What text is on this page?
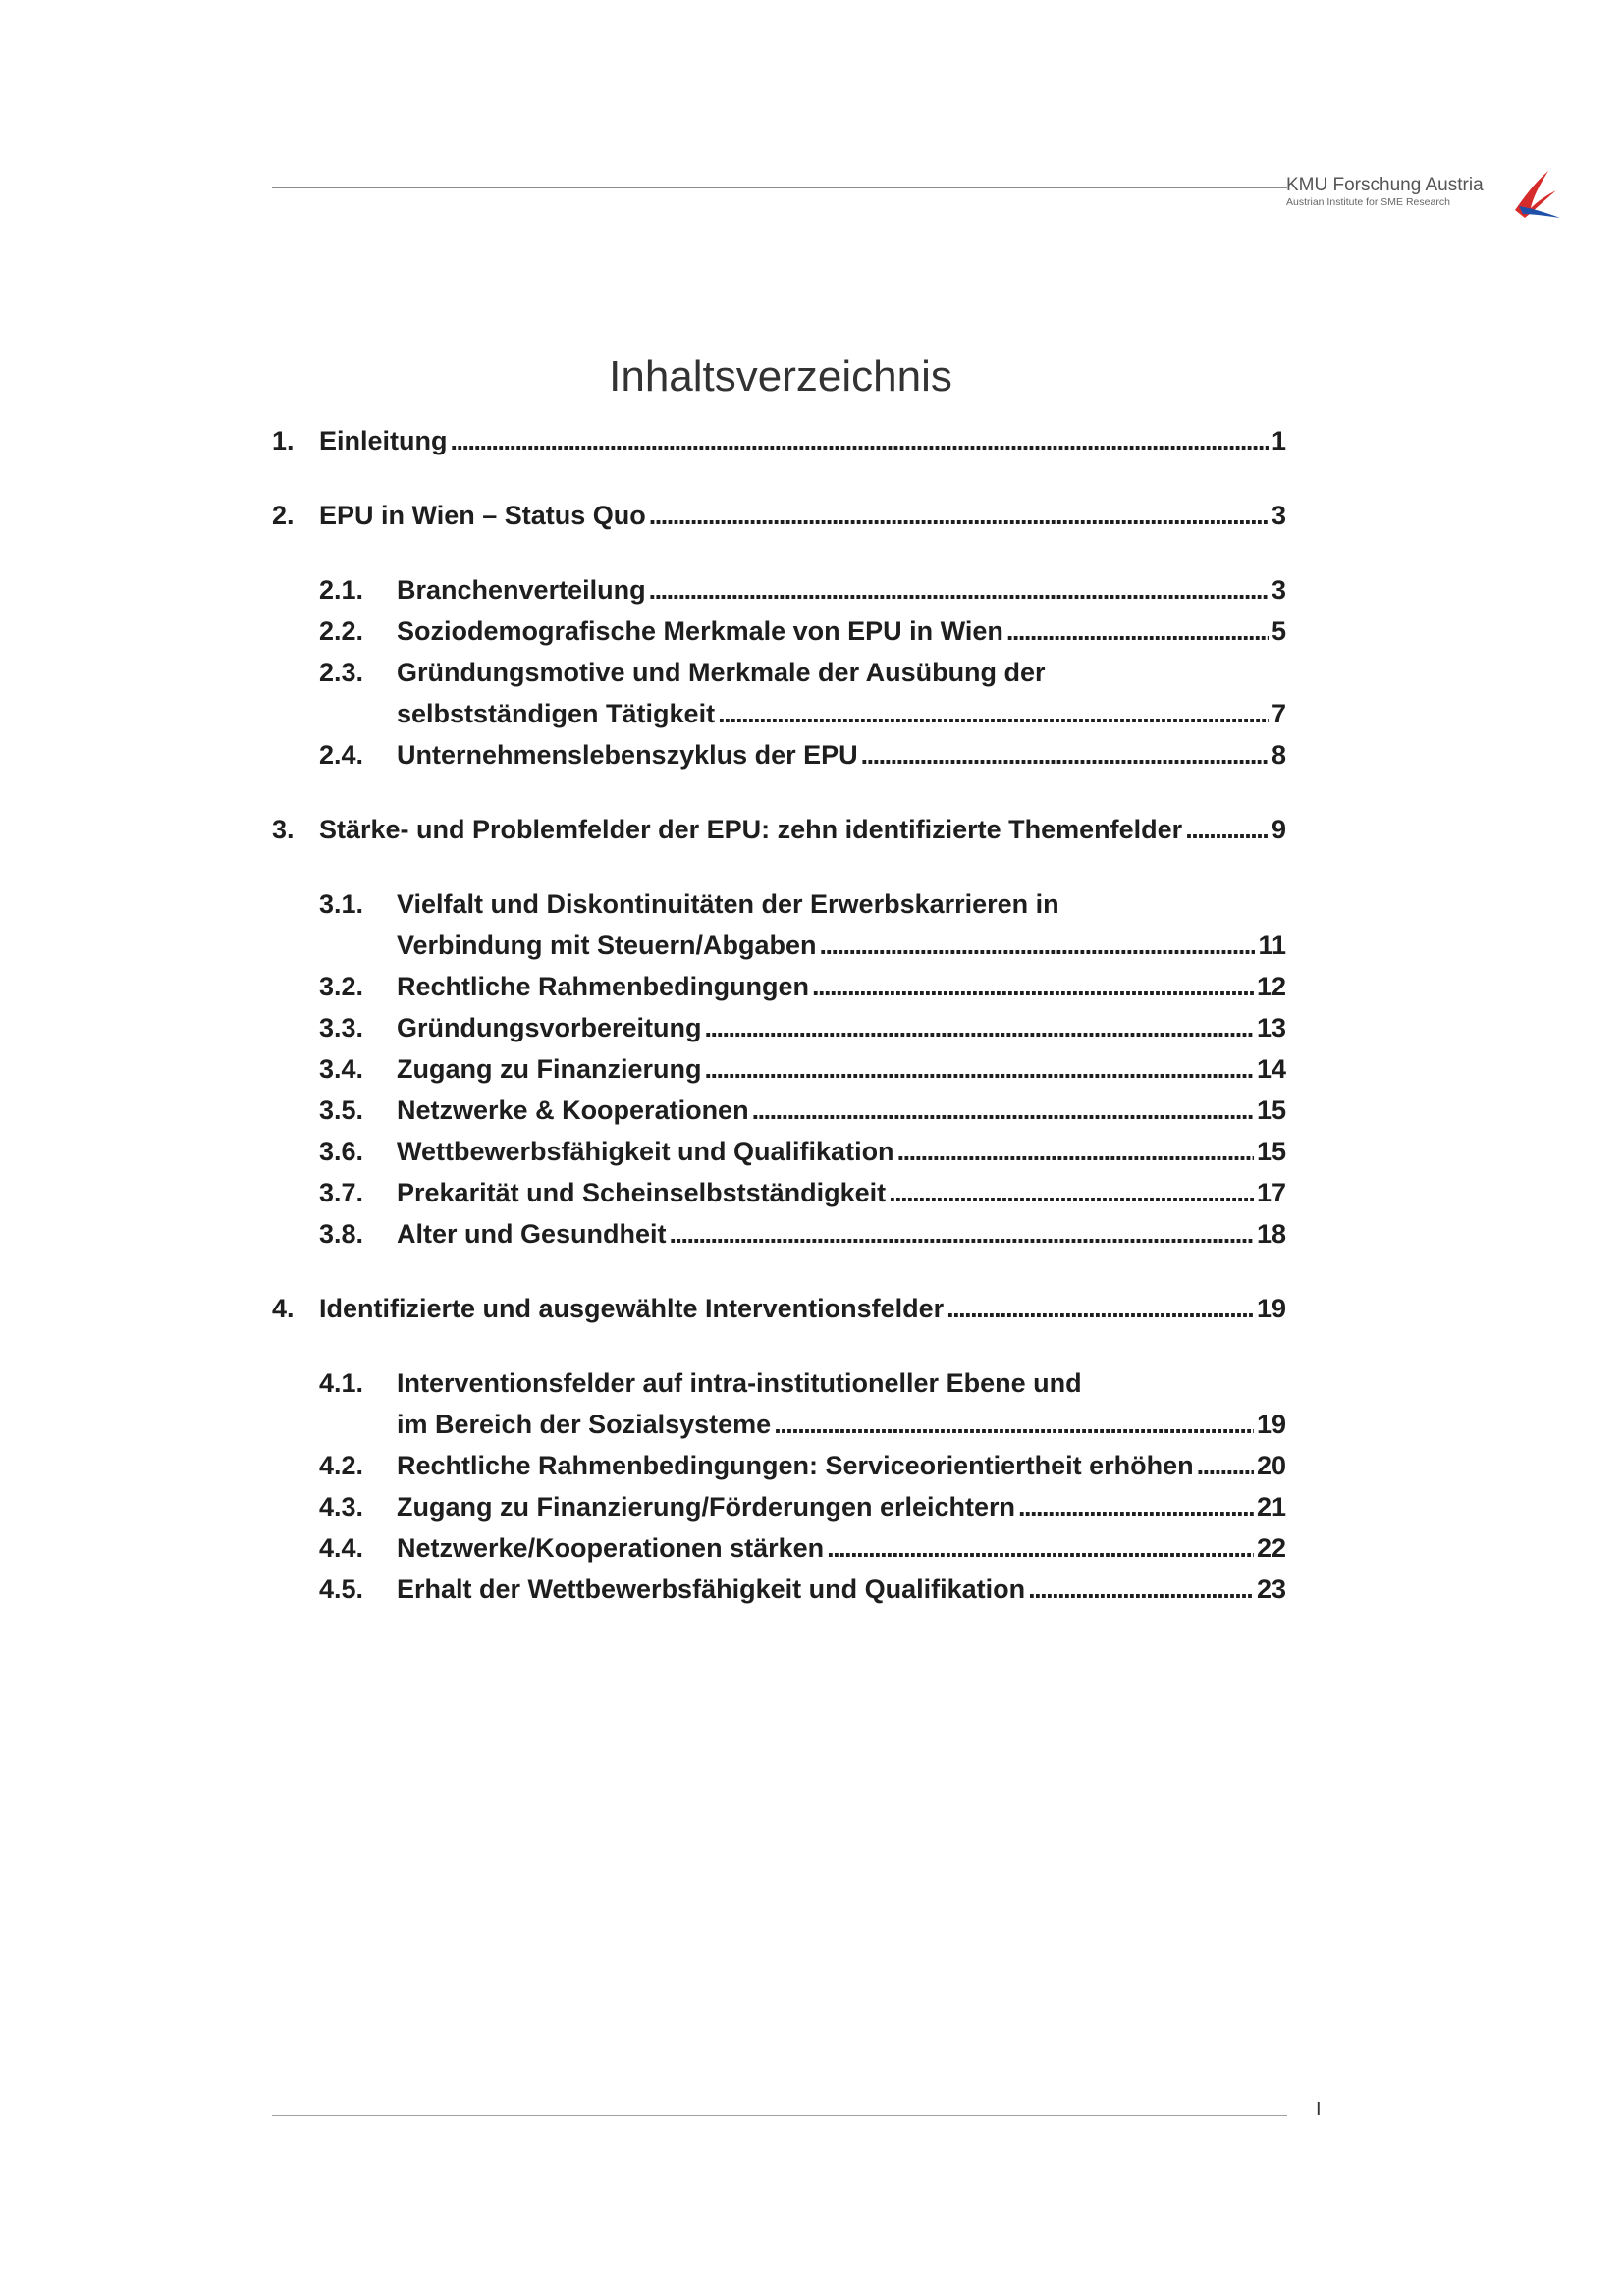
KMU Forschung Austria
Austrian Institute for SME Research
Inhaltsverzeichnis
1. Einleitung . . .	1
2. EPU in Wien – Status Quo . . .	3
2.1. Branchenverteilung . . .	3
2.2. Soziodemografische Merkmale von EPU in Wien . . .	5
2.3. Gründungsmotive und Merkmale der Ausübung der
selbstständigen Tätigkeit . . .	7
2.4. Unternehmenslebenszyklus der EPU . . .	8
3. Stärke- und Problemfelder der EPU: zehn identifizierte Themenfelder . . .	9
3.1. Vielfalt und Diskontinuitäten der Erwerbskarrieren in
Verbindung mit Steuern/Abgaben . . .	11
3.2. Rechtliche Rahmenbedingungen . . .	12
3.3. Gründungsvorbereitung . . .	13
3.4. Zugang zu Finanzierung . . .	14
3.5. Netzwerke & Kooperationen . . .	15
3.6. Wettbewerbsfähigkeit und Qualifikation . . .	15
3.7. Prekarität und Scheinselbstständigkeit . . .	17
3.8. Alter und Gesundheit . . .	18
4. Identifizierte und ausgewählte Interventionsfelder . . .	19
4.1. Interventionsfelder auf intra-institutioneller Ebene und
im Bereich der Sozialsysteme . . .	19
4.2. Rechtliche Rahmenbedingungen: Serviceorientiertheit erhöhen . . . 20
4.3. Zugang zu Finanzierung/Förderungen erleichtern . . .	21
4.4. Netzwerke/Kooperationen stärken . . .	22
4.5. Erhalt der Wettbewerbsfähigkeit und Qualifikation . . .	23
I
